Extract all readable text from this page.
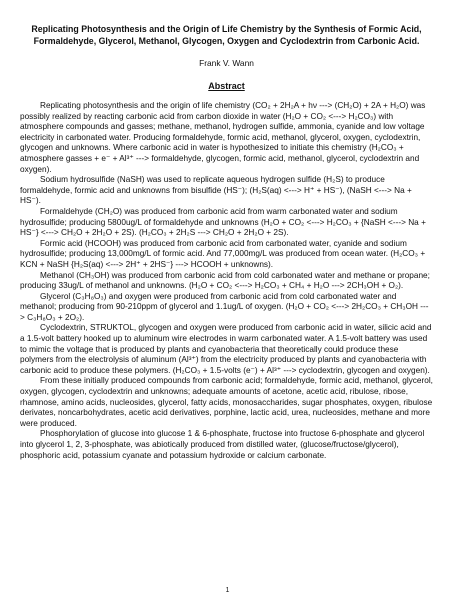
Replicating Photosynthesis and the Origin of Life Chemistry by the Synthesis of Formic Acid, Formaldehyde, Glycerol, Methanol, Glycogen, Oxygen and Cyclodextrin from Carbonic Acid.
Frank V. Wann
Abstract

Replicating photosynthesis and the origin of life chemistry (CO₂ + 2H₂A + hν ---> (CH₂O) + 2A + H₂O) was possibly realized by reacting carbonic acid from carbon dioxide in water (H₂O + CO₂ <---> H₂CO₃) with atmosphere compounds and gasses; methane, methanol, hydrogen sulfide, ammonia, cyanide and low voltage electricity in carbonated water. Producing formaldehyde, formic acid, methanol, glycerol, oxygen, cyclodextrin, glycogen and unknowns. Where carbonic acid in water is hypothesized to initiate this chemistry (H₂CO₃ + atmosphere gasses + e⁻ + Al³⁺ ---> formaldehyde, glycogen, formic acid, methanol, glycerol, cyclodextrin and oxygen).

Sodium hydrosulfide (NaSH) was used to replicate aqueous hydrogen sulfide (H₂S) to produce formaldehyde, formic acid and unknowns from bisulfide (HS⁻); (H₂S(aq) <---> H⁺ + HS⁻), (NaSH <---> Na + HS⁻).

Formaldehyde (CH₂O) was produced from carbonic acid from warm carbonated water and sodium hydrosulfide; producing 5800ug/L of formaldehyde and unknowns (H₂O + CO₂ <---> H₂CO₃ + {NaSH <---> Na + HS⁻} <---> CH₂O + 2H₂O + 2S). (H₂CO₃ + 2H₂S ---> CH₂O + 2H₂O + 2S).

Formic acid (HCOOH) was produced from carbonic acid from carbonated water, cyanide and sodium hydrosulfide; producing 13,000mg/L of formic acid. And 77,000mg/L was produced from ocean water. (H₂CO₃ + KCN + NaSH {H₂S(aq) <---> 2H⁺ + 2HS⁻} ---> HCOOH + unknowns).

Methanol (CH₃OH) was produced from carbonic acid from cold carbonated water and methane or propane; producing 33ug/L of methanol and unknowns. (H₂O + CO₂ <---> H₂CO₃ + CH₄ + H₂O ---> 2CH₃OH + O₂).

Glycerol (C₃H₈O₃) and oxygen were produced from carbonic acid from cold carbonated water and methanol; producing from 90-210ppm of glycerol and 1.1ug/L of oxygen. (H₂O + CO₂ <---> 2H₂CO₃ + CH₃OH ---> C₃H₈O₃ + 2O₂).

Cyclodextrin, STRUKTOL, glycogen and oxygen were produced from carbonic acid in water, silicic acid and a 1.5-volt battery hooked up to aluminum wire electrodes in warm carbonated water. A 1.5-volt battery was used to mimic the voltage that is produced by plants and cyanobacteria that theoretically could produce these polymers from the electrolysis of aluminum (Al³⁺) from the electricity produced by plants and cyanobacteria with carbonic acid to produce these polymers. (H₂CO₃ + 1.5-volts (e⁻) + Al³⁺ ---> cyclodextrin, glycogen and oxygen).

From these initially produced compounds from carbonic acid; formaldehyde, formic acid, methanol, glycerol, oxygen, glycogen, cyclodextrin and unknowns; adequate amounts of acetone, acetic acid, ribulose, ribose, rhamnose, amino acids, nucleosides, glycerol, fatty acids, monosaccharides, sugar phosphates, oxygen, ribulose derivates, noncarbohydrates, acetic acid derivatives, porphine, lactic acid, urea, nucleosides, methane and more were produced.

Phosphorylation of glucose into glucose 1 & 6-phosphate, fructose into fructose 6-phosphate and glycerol into glycerol 1, 2, 3-phosphate, was abiotically produced from distilled water, (glucose/fructose/glycerol), phosphoric acid, potassium cyanate and potassium hydroxide or calcium carbonate.

1
